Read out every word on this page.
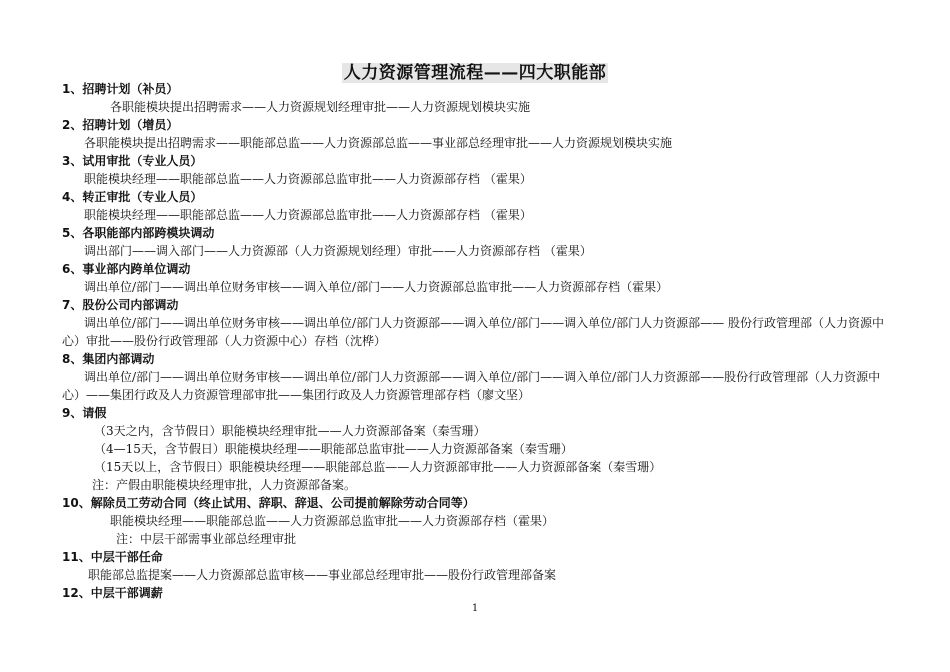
人力资源管理流程——四大职能部
1、招聘计划（补员）
各职能模块提出招聘需求——人力资源规划经理审批——人力资源规划模块实施
2、招聘计划（增员）
各职能模块提出招聘需求——职能部总监——人力资源部总监——事业部总经理审批——人力资源规划模块实施
3、试用审批（专业人员）
职能模块经理——职能部总监——人力资源部总监审批——人力资源部存档 （霍果）
4、转正审批（专业人员）
职能模块经理——职能部总监——人力资源部总监审批——人力资源部存档 （霍果）
5、各职能部内部跨模块调动
调出部门——调入部门——人力资源部（人力资源规划经理）审批——人力资源部存档 （霍果）
6、事业部内跨单位调动
调出单位/部门——调出单位财务审核——调入单位/部门——人力资源部总监审批——人力资源部存档（霍果）
7、股份公司内部调动
调出单位/部门——调出单位财务审核——调出单位/部门人力资源部——调入单位/部门——调入单位/部门人力资源部—— 股份行政管理部（人力资源中心）审批——股份行政管理部（人力资源中心）存档（沈桦）
8、集团内部调动
调出单位/部门——调出单位财务审核——调出单位/部门人力资源部——调入单位/部门——调入单位/部门人力资源部——股份行政管理部（人力资源中心）——集团行政及人力资源管理部审批——集团行政及人力资源管理部存档（廖文坚）
9、请假
（3天之内，含节假日）职能模块经理审批——人力资源部备案（秦雪珊）
（4—15天，含节假日）职能模块经理——职能部总监审批——人力资源部备案（秦雪珊）
（15天以上，含节假日）职能模块经理——职能部总监——人力资源部审批——人力资源部备案（秦雪珊）
注：产假由职能模块经理审批，人力资源部备案。
10、解除员工劳动合同（终止试用、辞职、辞退、公司提前解除劳动合同等）
职能模块经理——职能部总监——人力资源部总监审批——人力资源部存档（霍果）
注：中层干部需事业部总经理审批
11、中层干部任命
职能部总监提案——人力资源部总监审核——事业部总经理审批——股份行政管理部备案
12、中层干部调薪
1
